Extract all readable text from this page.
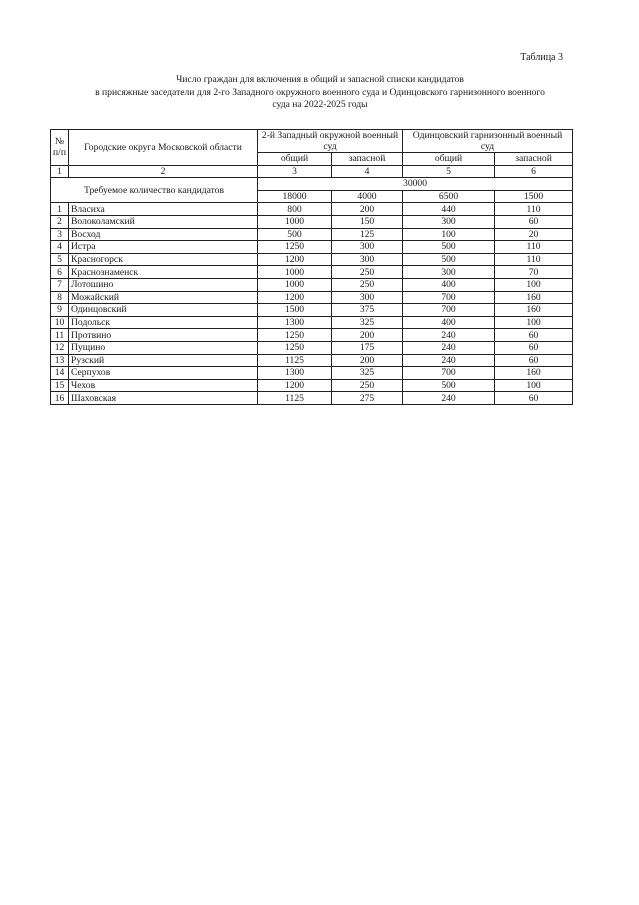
Таблица 3
Число граждан для включения в общий и запасной списки кандидатов
в присяжные заседатели для 2-го Западного окружного военного суда и Одинцовского гарнизонного военного
суда на 2022-2025 годы
№ п/п	Городские округа Московской области	2-й Западный окружной военный суд		Одинцовский гарнизонный военный суд	
		общий	запасной	общий	запасной
1	2	3	4	5	6
Требуемое количество кандидатов		30000			
		18000	4000	6500	1500
1	Власиха	800	200	440	110
2	Волоколамский	1000	150	300	60
3	Восход	500	125	100	20
4	Истра	1250	300	500	110
5	Красногорск	1200	300	500	110
6	Краснознаменск	1000	250	300	70
7	Лотошино	1000	250	400	100
8	Можайский	1200	300	700	160
9	Одинцовский	1500	375	700	160
10	Подольск	1300	325	400	100
11	Протвино	1250	200	240	60
12	Пущино	1250	175	240	60
13	Рузский	1125	200	240	60
14	Серпухов	1300	325	700	160
15	Чехов	1200	250	500	100
16	Шаховская	1125	275	240	60
